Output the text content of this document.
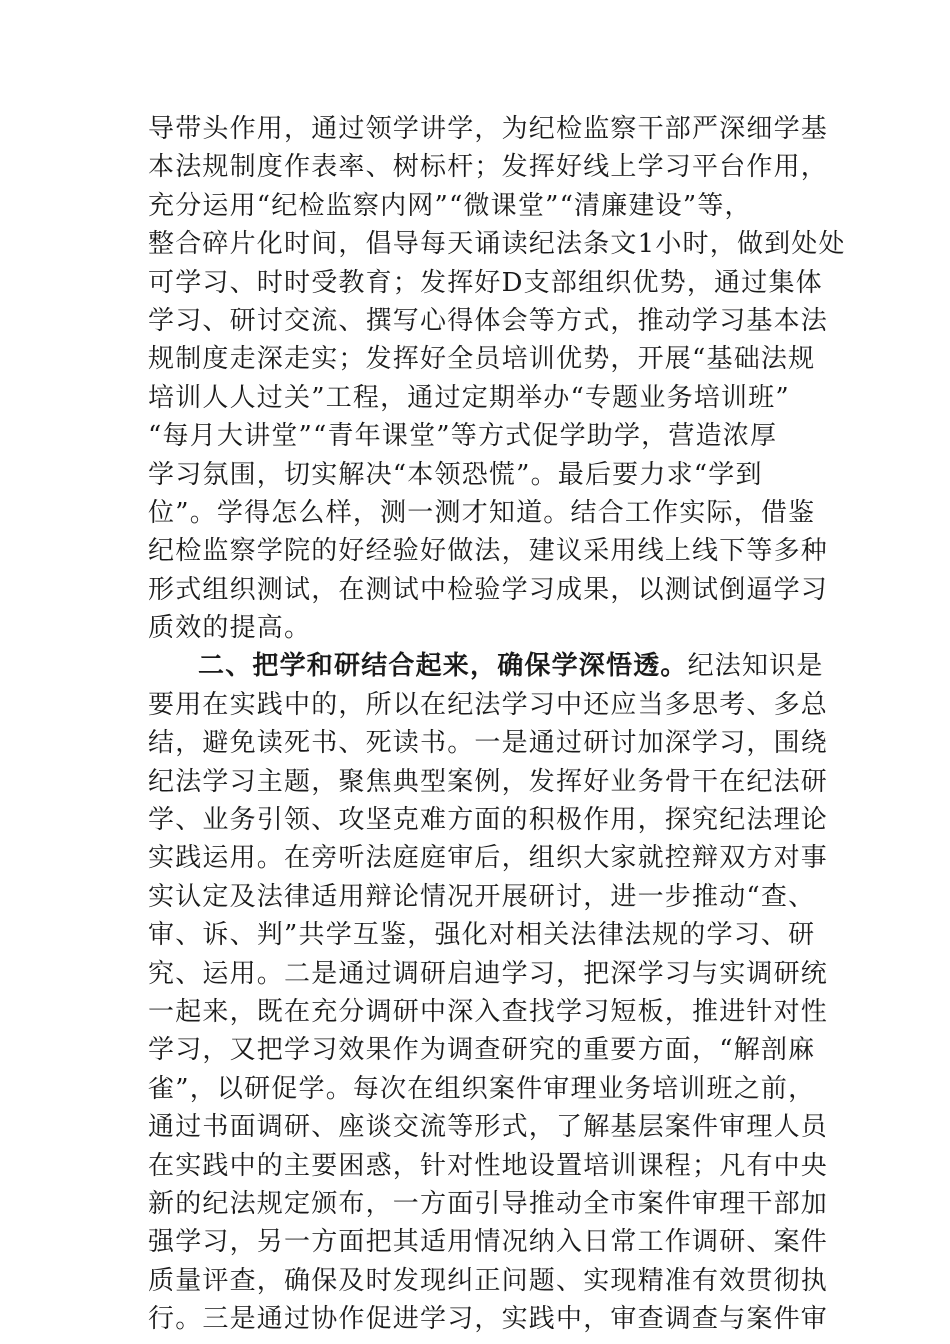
导带头作用，通过领学讲学，为纪检监察干部严深细学基
本法规制度作表率、树标杆；发挥好线上学习平台作用，
充分运用“纪检监察内网”“微课堂”“清廉建设”等，
整合碎片化时间，倡导每天诵读纪法条文1小时，做到处处
可学习、时时受教育；发挥好D支部组织优势，通过集体
学习、研讨交流、撰写心得体会等方式，推动学习基本法
规制度走深走实；发挥好全员培训优势，开展“基础法规
培训人人过关”工程，通过定期举办“专题业务培训班”
“每月大讲堂”“青年课堂”等方式促学助学，营造浓厚
学习氛围，切实解决“本领恐慌”。最后要力求“学到
位”。学得怎么样，测一测才知道。结合工作实际，借鉴
纪检监察学院的好经验好做法，建议采用线上线下等多种
形式组织测试，在测试中检验学习成果，以测试倒逼学习
质效的提高。
二、把学和研结合起来，确保学深悟透。纪法知识是
要用在实践中的，所以在纪法学习中还应当多思考、多总
结，避免读死书、死读书。一是通过研讨加深学习，围绕
纪法学习主题，聚焦典型案例，发挥好业务骨干在纪法研
学、业务引领、攻坚克难方面的积极作用，探究纪法理论
实践运用。在旁听法庭庭审后，组织大家就控辩双方对事
实认定及法律适用辩论情况开展研讨，进一步推动“查、
审、诉、判”共学互鉴，强化对相关法律法规的学习、研
究、运用。二是通过调研启迪学习，把深学习与实调研统
一起来，既在充分调研中深入查找学习短板，推进针对性
学习，又把学习效果作为调查研究的重要方面，“解剖麻
雀”，以研促学。每次在组织案件审理业务培训班之前，
通过书面调研、座谈交流等形式，了解基层案件审理人员
在实践中的主要困惑，针对性地设置培训课程；凡有中央
新的纪法规定颁布，一方面引导推动全市案件审理干部加
强学习，另一方面把其适用情况纳入日常工作调研、案件
质量评查，确保及时发现纠正问题、实现精准有效贯彻执
行。三是通过协作促进学习，实践中，审查调查与案件审
